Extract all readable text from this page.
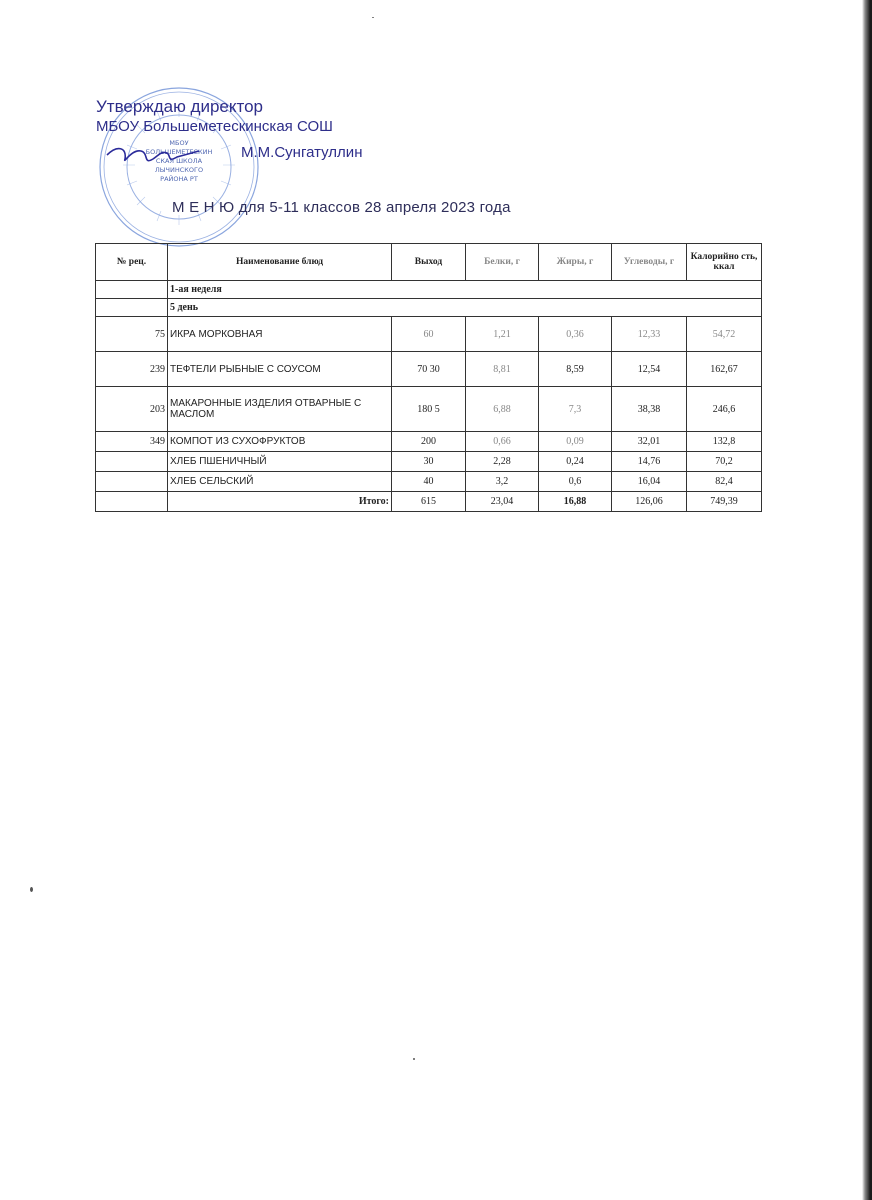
МБОУ
БОЛЬШЕМЕТЕСКИН
СКАЯ ШКОЛА
ЛЫЧИНСКОГО
РАЙОНА РТ
Утверждаю директор
МБОУ Большеметескинская СОШ
М.М.Сунгатуллин
М Е Н Ю для 5-11 классов 28 апреля 2023 года
№ рец.	Наименование блюд	Выход	Белки, г	Жиры, г	Углеводы, г	Калорийно сть, ккал
	1-ая неделя					
	5 день					
75	ИКРА МОРКОВНАЯ	60	1,21	0,36	12,33	54,72
239	ТЕФТЕЛИ РЫБНЫЕ С СОУСОМ	70 30	8,81	8,59	12,54	162,67
203	МАКАРОННЫЕ ИЗДЕЛИЯ ОТВАРНЫЕ С МАСЛОМ	180 5	6,88	7,3	38,38	246,6
349	КОМПОТ ИЗ СУХОФРУКТОВ	200	0,66	0,09	32,01	132,8
	ХЛЕБ ПШЕНИЧНЫЙ	30	2,28	0,24	14,76	70,2
	ХЛЕБ СЕЛЬСКИЙ	40	3,2	0,6	16,04	82,4
	Итого:	615	23,04	16,88	126,06	749,39
